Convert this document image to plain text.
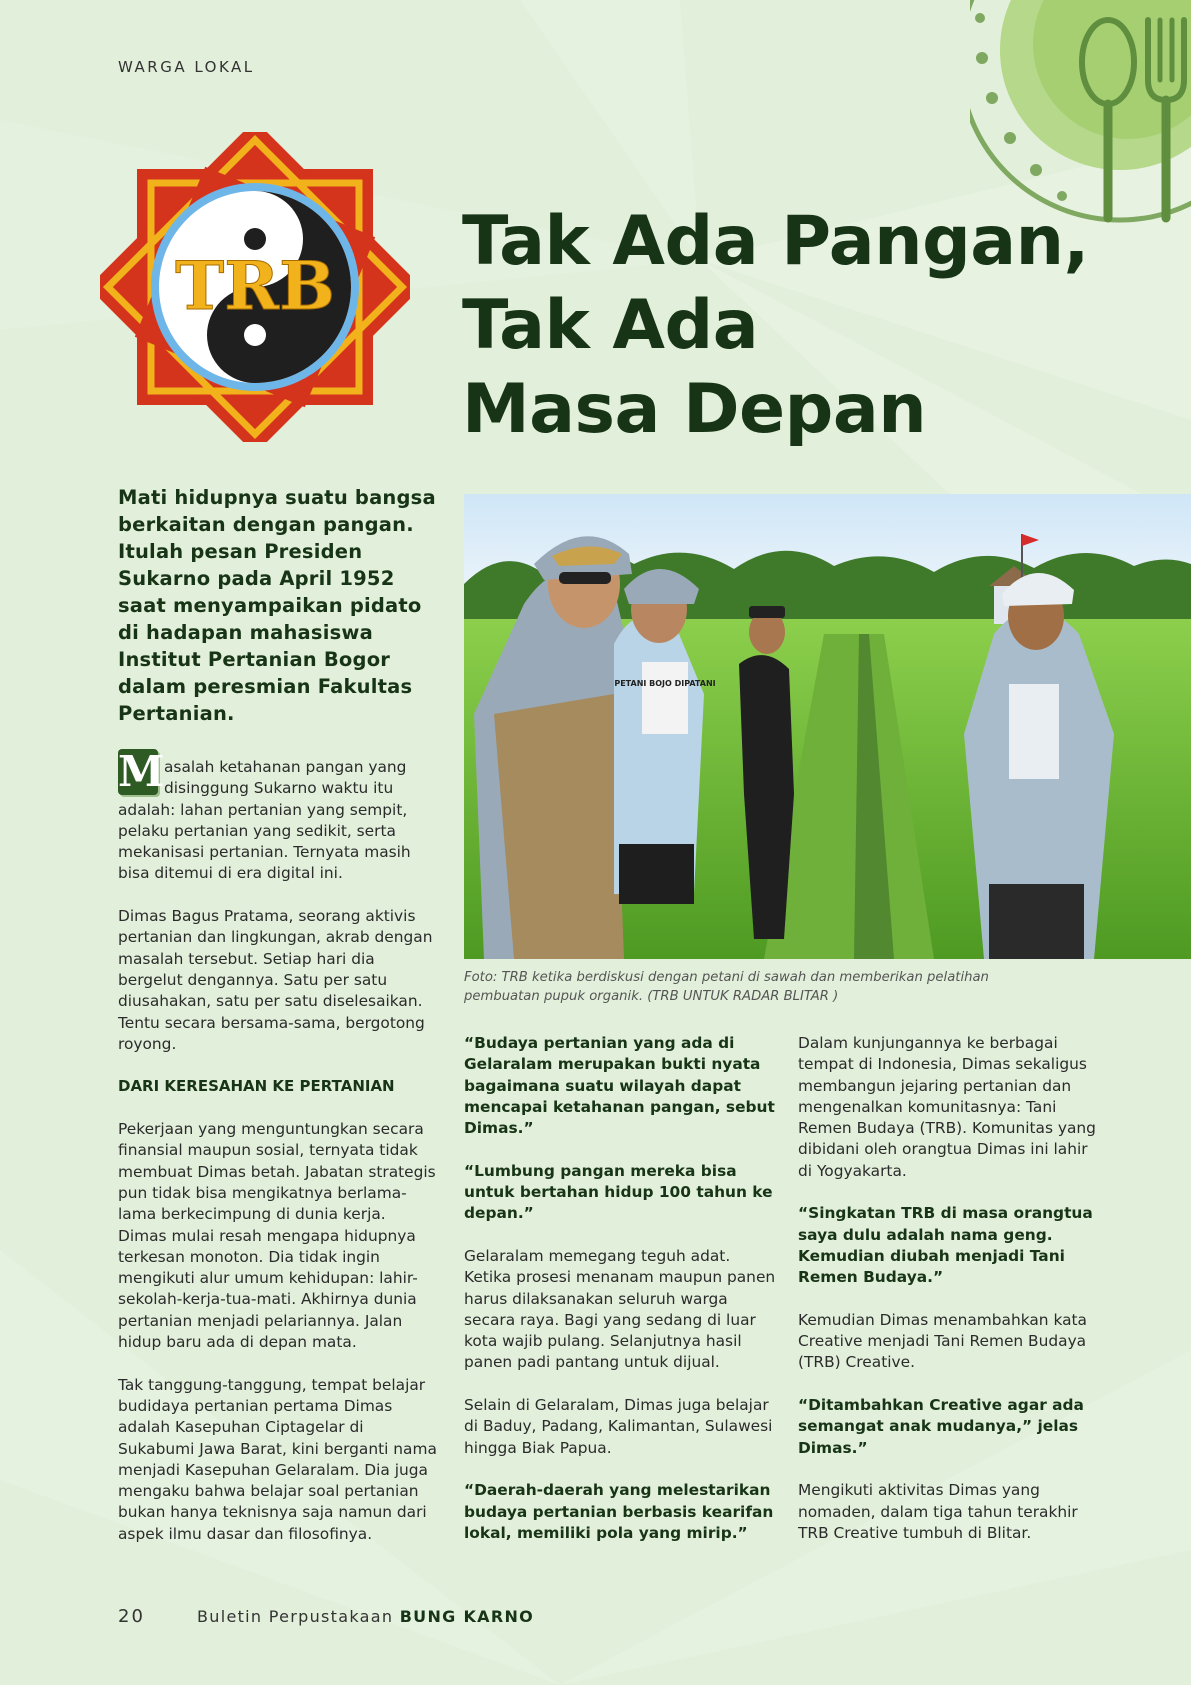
WARGA LOKAL
TRB
Tak Ada Pangan,
Tak Ada
Masa Depan

Mati hidupnya suatu bangsa berkaitan dengan pangan. Itulah pesan Presiden Sukarno pada April 1952 saat menyampaikan pidato di hadapan mahasiswa Institut Pertanian Bogor dalam peresmian Fakultas Pertanian.

M asalah ketahanan pangan yang disinggung Sukarno waktu itu adalah: lahan pertanian yang sempit, pelaku pertanian yang sedikit, serta mekanisasi pertanian. Ternyata masih bisa ditemui di era digital ini.

Dimas Bagus Pratama, seorang aktivis pertanian dan lingkungan, akrab dengan masalah tersebut. Setiap hari dia bergelut dengannya. Satu per satu diusahakan, satu per satu diselesaikan. Tentu secara bersama-sama, bergotong royong.

DARI KERESAHAN KE PERTANIAN

Pekerjaan yang menguntungkan secara finansial maupun sosial, ternyata tidak membuat Dimas betah. Jabatan strategis pun tidak bisa mengikatnya berlama-lama berkecimpung di dunia kerja. Dimas mulai resah mengapa hidupnya terkesan monoton. Dia tidak ingin mengikuti alur umum kehidupan: lahir-sekolah-kerja-tua-mati. Akhirnya dunia pertanian menjadi pelariannya. Jalan hidup baru ada di depan mata.

Tak tanggung-tanggung, tempat belajar budidaya pertanian pertama Dimas adalah Kasepuhan Ciptagelar di Sukabumi Jawa Barat, kini berganti nama menjadi Kasepuhan Gelaralam. Dia juga mengaku bahwa belajar soal pertanian bukan hanya teknisnya saja namun dari aspek ilmu dasar dan filosofinya.

PETANI BOJO DIPATANI

Foto: TRB ketika berdiskusi dengan petani di sawah dan memberikan pelatihan pembuatan pupuk organik. (TRB UNTUK RADAR BLITAR )

“Budaya pertanian yang ada di Gelaralam merupakan bukti nyata bagaimana suatu wilayah dapat mencapai ketahanan pangan, sebut Dimas.”

“Lumbung pangan mereka bisa untuk bertahan hidup 100 tahun ke depan.”

Gelaralam memegang teguh adat. Ketika prosesi menanam maupun panen harus dilaksanakan seluruh warga secara raya. Bagi yang sedang di luar kota wajib pulang. Selanjutnya hasil panen padi pantang untuk dijual.

Selain di Gelaralam, Dimas juga belajar di Baduy, Padang, Kalimantan, Sulawesi hingga Biak Papua.

“Daerah-daerah yang melestarikan budaya pertanian berbasis kearifan lokal, memiliki pola yang mirip.”

Dalam kunjungannya ke berbagai tempat di Indonesia, Dimas sekaligus membangun jejaring pertanian dan mengenalkan komunitasnya: Tani Remen Budaya (TRB). Komunitas yang dibidani oleh orangtua Dimas ini lahir di Yogyakarta.

“Singkatan TRB di masa orangtua saya dulu adalah nama geng. Kemudian diubah menjadi Tani Remen Budaya.”

Kemudian Dimas menambahkan kata Creative menjadi Tani Remen Budaya (TRB) Creative.

“Ditambahkan Creative agar ada semangat anak mudanya,” jelas Dimas.”

Mengikuti aktivitas Dimas yang nomaden, dalam tiga tahun terakhir TRB Creative tumbuh di Blitar.

20	Buletin Perpustakaan BUNG KARNO
